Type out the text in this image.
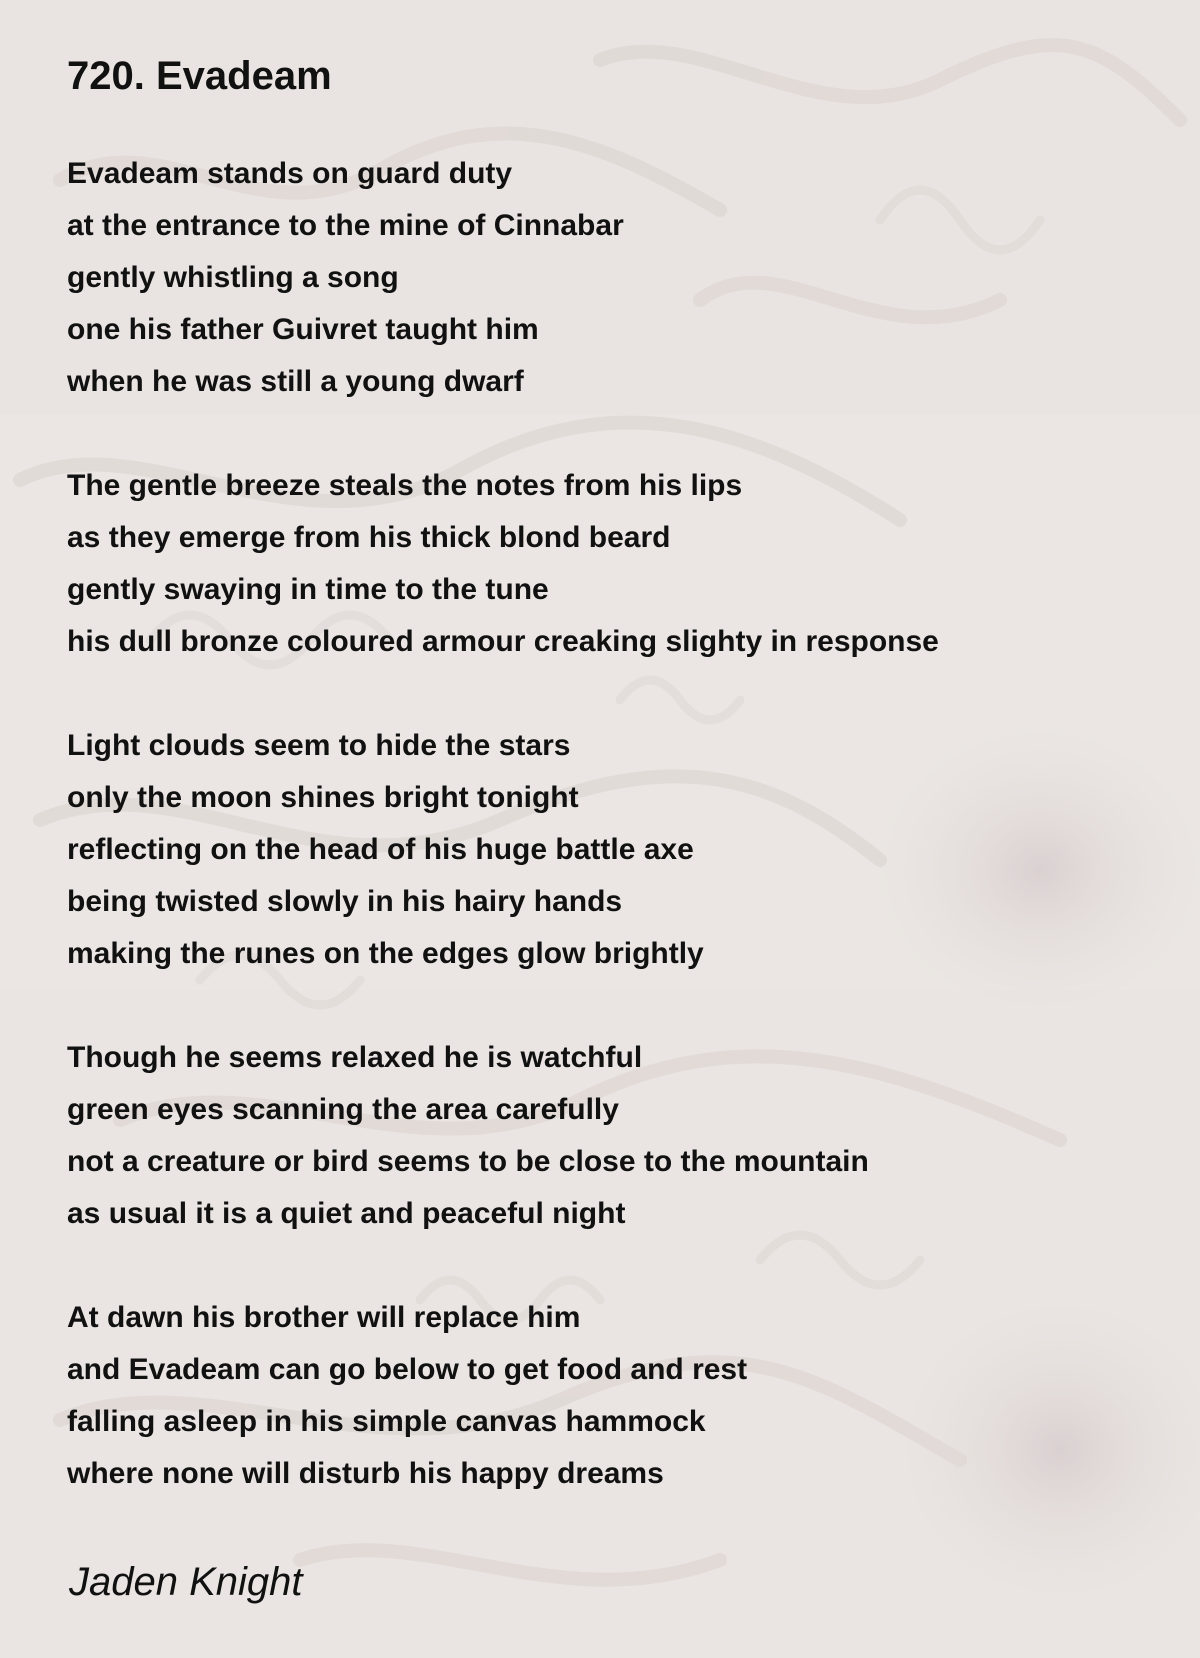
720. Evadeam
Evadeam stands on guard duty
at the entrance to the mine of Cinnabar
gently whistling a song
one his father Guivret taught him
when he was still a young dwarf
The gentle breeze steals the notes from his lips
as they emerge from his thick blond beard
gently swaying in time to the tune
his dull bronze coloured armour creaking slighty in response
Light clouds seem to hide the stars
only the moon shines bright tonight
reflecting on the head of his huge battle axe
being twisted slowly in his hairy hands
making the runes on the edges glow brightly
Though he seems relaxed he is watchful
green eyes scanning the area carefully
not a creature or bird seems to be close to the mountain
as usual it is a quiet and peaceful night
At dawn his brother will replace him
and Evadeam can go below to get food and rest
falling asleep in his simple canvas hammock
where none will disturb his happy dreams
Jaden Knight
